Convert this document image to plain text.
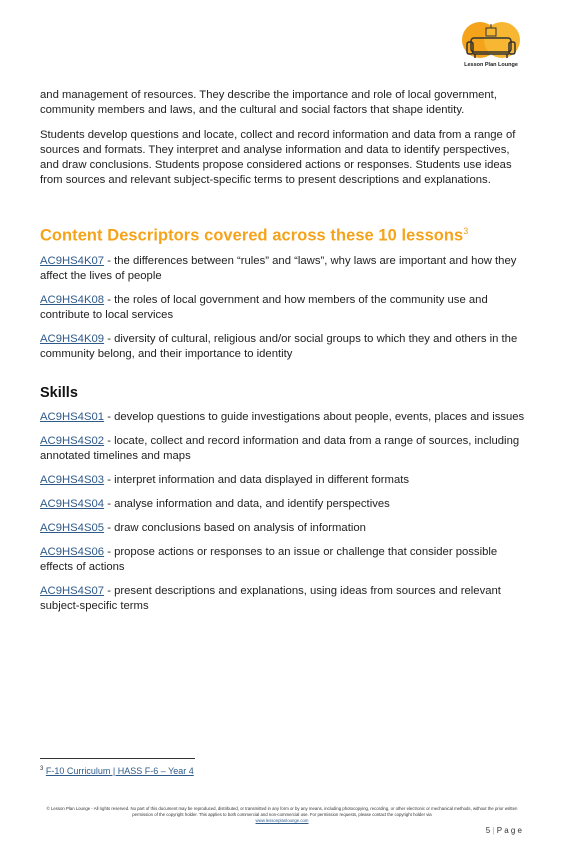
Lesson Plan Lounge

and management of resources. They describe the importance and role of local government, community members and laws, and the cultural and social factors that shape identity.

Students develop questions and locate, collect and record information and data from a range of sources and formats. They interpret and analyse information and data to identify perspectives, and draw conclusions. Students propose considered actions or responses. Students use ideas from sources and relevant subject-specific terms to present descriptions and explanations.

Content Descriptors covered across these 10 lessons$^3$
AC9HS4K07 - the differences between “rules” and “laws”, why laws are important and how they affect the lives of people
AC9HS4K08 - the roles of local government and how members of the community use and contribute to local services
AC9HS4K09 - diversity of cultural, religious and/or social groups to which they and others in the community belong, and their importance to identity
Skills
AC9HS4S01 - develop questions to guide investigations about people, events, places and issues
AC9HS4S02 - locate, collect and record information and data from a range of sources, including annotated timelines and maps
AC9HS4S03 - interpret information and data displayed in different formats
AC9HS4S04 - analyse information and data, and identify perspectives
AC9HS4S05 - draw conclusions based on analysis of information
AC9HS4S06 - propose actions or responses to an issue or challenge that consider possible effects of actions
AC9HS4S07 - present descriptions and explanations, using ideas from sources and relevant subject-specific terms
$^3$ F-10 Curriculum | HASS F-6 – Year 4
© Lesson Plan Lounge - All rights reserved. No part of this document may be reproduced, distributed, or transmitted in any form or by any means, including photocopying, recording, or other electronic or mechanical methods, without the prior written permission of the copyright holder. This applies to both commercial and non-commercial use. For permission requests, please contact the copyright holder via
www.lessonplanlounge.com
5 | P a g e
